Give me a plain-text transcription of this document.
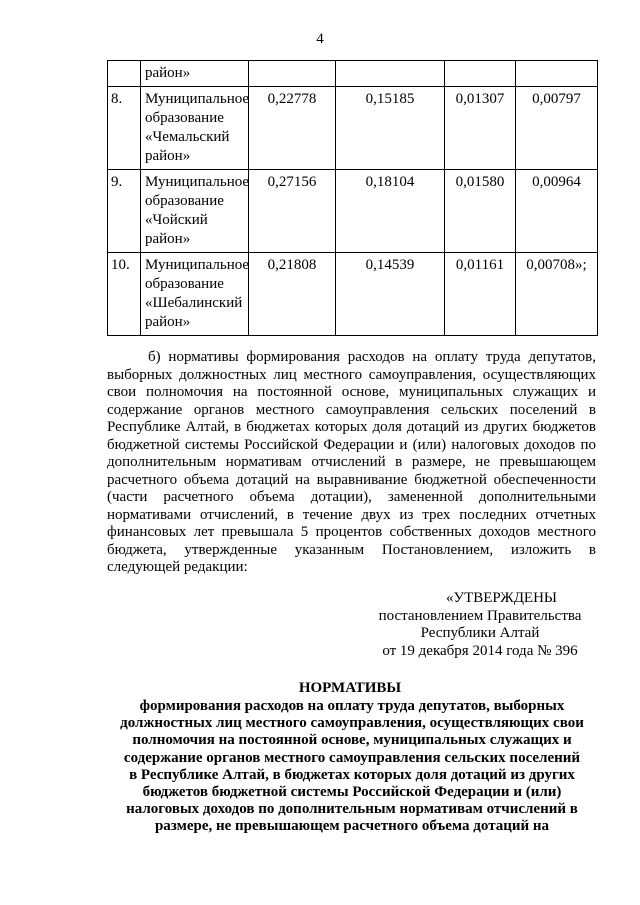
4
	район»				
8.	Муниципальное образование «Чемальский район»	0,22778	0,15185	0,01307	0,00797
9.	Муниципальное образование «Чойский район»	0,27156	0,18104	0,01580	0,00964
10.	Муниципальное образование «Шебалинский район»	0,21808	0,14539	0,01161	0,00708»;

б) нормативы формирования расходов на оплату труда депутатов, выборных должностных лиц местного самоуправления, осуществляющих свои полномочия на постоянной основе, муниципальных служащих и содержание органов местного самоуправления сельских поселений в Республике Алтай, в бюджетах которых доля дотаций из других бюджетов бюджетной системы Российской Федерации и (или) налоговых доходов по дополнительным нормативам отчислений в размере, не превышающем расчетного объема дотаций на выравнивание бюджетной обеспеченности (части расчетного объема дотации), замененной дополнительными нормативами отчислений, в течение двух из трех последних отчетных финансовых лет превышала 5 процентов собственных доходов местного бюджета, утвержденные указанным Постановлением, изложить в следующей редакции:

«УТВЕРЖДЕНЫ
постановлением Правительства
Республики Алтай
от 19 декабря 2014 года № 396
НОРМАТИВЫ
формирования расходов на оплату труда депутатов, выборных
должностных лиц местного самоуправления, осуществляющих свои
полномочия на постоянной основе, муниципальных служащих и
содержание органов местного самоуправления сельских поселений
в Республике Алтай, в бюджетах которых доля дотаций из других
бюджетов бюджетной системы Российской Федерации и (или)
налоговых доходов по дополнительным нормативам отчислений в
размере, не превышающем расчетного объема дотаций на
